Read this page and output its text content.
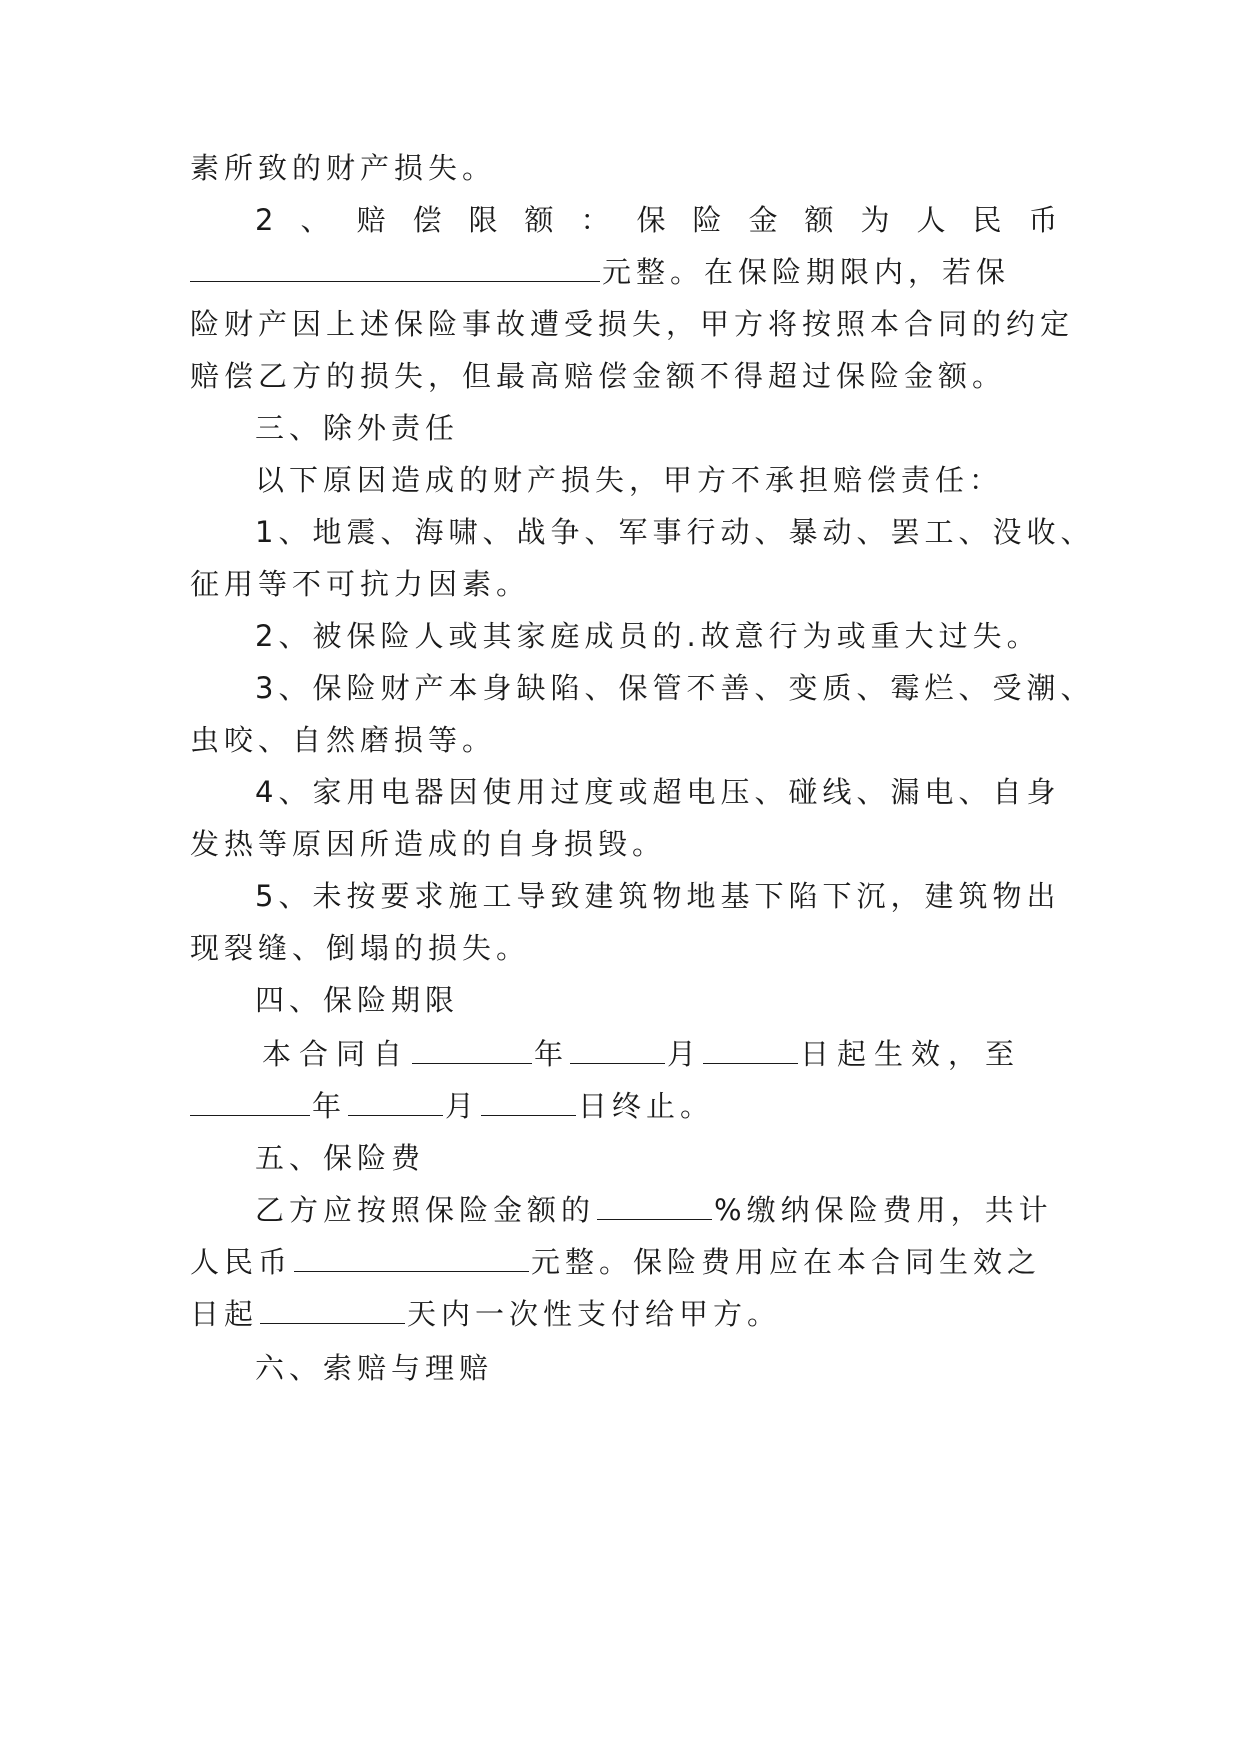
素所致的财产损失。
2、赔偿限额：保险金额为人民币
元整。在保险期限内，若保
险财产因上述保险事故遭受损失，甲方将按照本合同的约定
赔偿乙方的损失，但最高赔偿金额不得超过保险金额。
三、除外责任
以下原因造成的财产损失，甲方不承担赔偿责任：
1、地震、海啸、战争、军事行动、暴动、罢工、没收、
征用等不可抗力因素。
2、被保险人或其家庭成员的.故意行为或重大过失。
3、保险财产本身缺陷、保管不善、变质、霉烂、受潮、
虫咬、自然磨损等。
4、家用电器因使用过度或超电压、碰线、漏电、自身
发热等原因所造成的自身损毁。
5、未按要求施工导致建筑物地基下陷下沉，建筑物出
现裂缝、倒塌的损失。
四、保险期限
本合同自	年	月	日起生效，至
年	月	日终止。
五、保险费
乙方应按照保险金额的	%缴纳保险费用，共计
人民币	元整。保险费用应在本合同生效之
日起	天内一次性支付给甲方。
六、索赔与理赔
